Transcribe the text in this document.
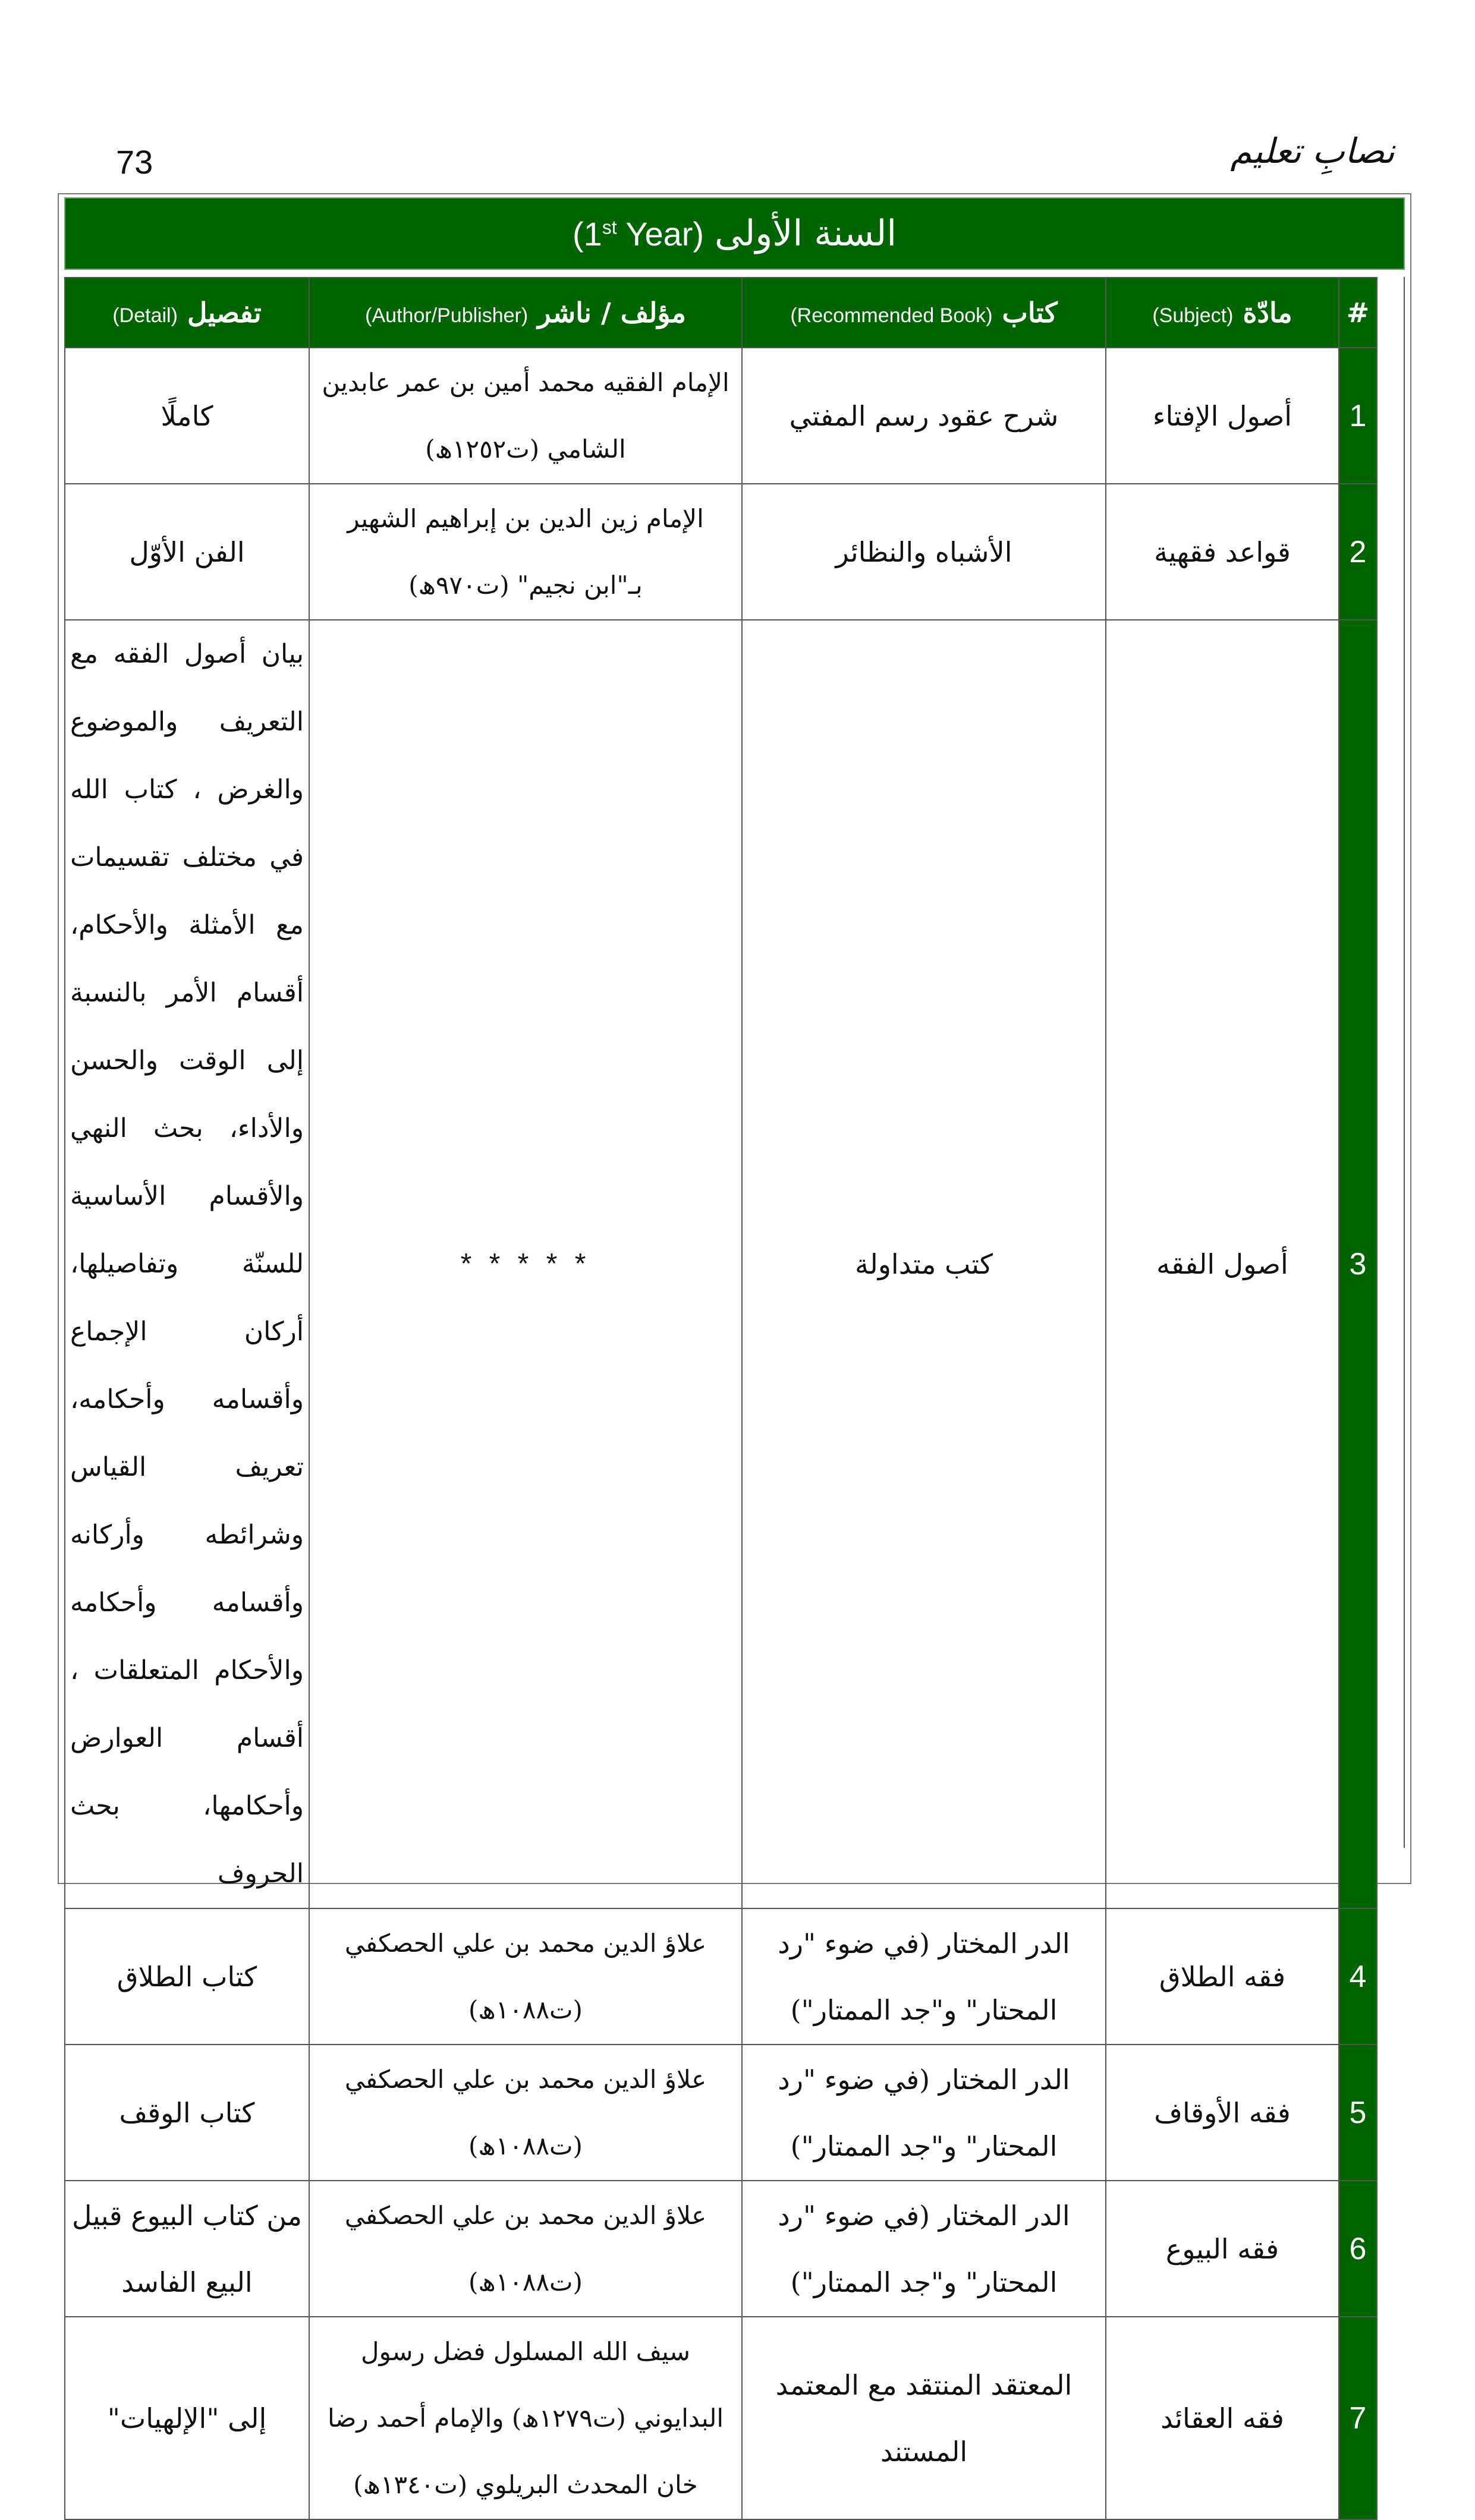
73	نصابِ تعلیم
السنة الأولى
(1st Year)
#	مادّة (Subject)	كتاب (Recommended Book)	مؤلف / ناشر (Author/Publisher)	تفصيل (Detail)
1	أصول الإفتاء	شرح عقود رسم المفتي	الإمام الفقيه محمد أمين بن عمر عابدين الشامي (ت١٢٥٢ھ)	كاملًا
2	قواعد فقهية	الأشباه والنظائر	الإمام زين الدين بن إبراهيم الشهير بـ"ابن نجيم" (ت٩٧٠ھ)	الفن الأوّل
3	أصول الفقه	كتب متداولة	* * * * *	بيان أصول الفقه مع التعريف والموضوع والغرض ، كتاب الله في مختلف تقسيمات مع الأمثلة والأحكام، أقسام الأمر بالنسبة إلى الوقت والحسن والأداء، بحث النهي والأقسام الأساسية للسنّة وتفاصيلها، أركان الإجماع وأقسامه وأحكامه، تعريف القياس وشرائطه وأركانه وأقسامه وأحكامه والأحكام المتعلقات ، أقسام العوارض وأحكامها، بحث الحروف
4	فقه الطلاق	الدر المختار (في ضوء "رد المحتار" و"جد الممتار")	علاؤ الدين محمد بن علي الحصكفي (ت١٠٨٨ھ)	كتاب الطلاق
5	فقه الأوقاف	الدر المختار (في ضوء "رد المحتار" و"جد الممتار")	علاؤ الدين محمد بن علي الحصكفي (ت١٠٨٨ھ)	كتاب الوقف
6	فقه البيوع	الدر المختار (في ضوء "رد المحتار" و"جد الممتار")	علاؤ الدين محمد بن علي الحصكفي (ت١٠٨٨ھ)	من كتاب البيوع قبيل البيع الفاسد
7	فقه العقائد	المعتقد المنتقد مع المعتمد المستند	سيف الله المسلول فضل رسول البدايوني (ت١٢٧٩ھ) والإمام أحمد رضا خان المحدث البريلوي (ت١٣٤٠ھ)	إلى "الإلهيات"
